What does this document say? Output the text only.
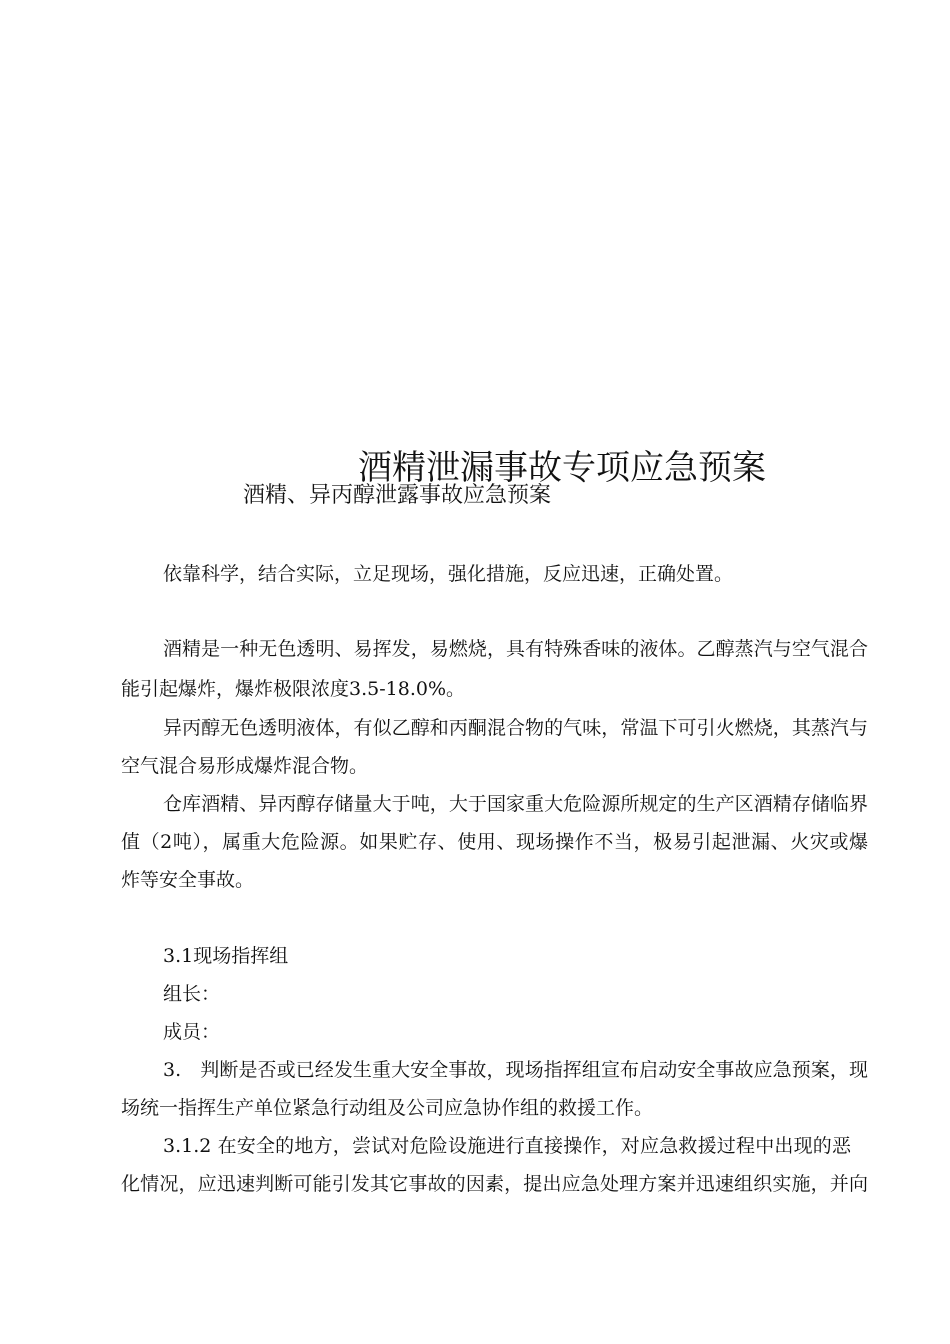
酒精泄漏事故专项应急预案
酒精、异丙醇泄露事故应急预案
依靠科学，结合实际，立足现场，强化措施，反应迅速，正确处置。
酒精是一种无色透明、易挥发，易燃烧，具有特殊香味的液体。乙醇蒸汽与空气混合
能引起爆炸，爆炸极限浓度3.5-18.0%。
异丙醇无色透明液体，有似乙醇和丙酮混合物的气味，常温下可引火燃烧，其蒸汽与
空气混合易形成爆炸混合物。
仓库酒精、异丙醇存储量大于吨，大于国家重大危险源所规定的生产区酒精存储临界
值（2吨），属重大危险源。如果贮存、使用、现场操作不当，极易引起泄漏、火灾或爆
炸等安全事故。
3.1现场指挥组
组长：
成员：
3.　判断是否或已经发生重大安全事故，现场指挥组宣布启动安全事故应急预案，现
场统一指挥生产单位紧急行动组及公司应急协作组的救援工作。
3.1.2 在安全的地方，尝试对危险设施进行直接操作，对应急救援过程中出现的恶
化情况，应迅速判断可能引发其它事故的因素，提出应急处理方案并迅速组织实施，并向
